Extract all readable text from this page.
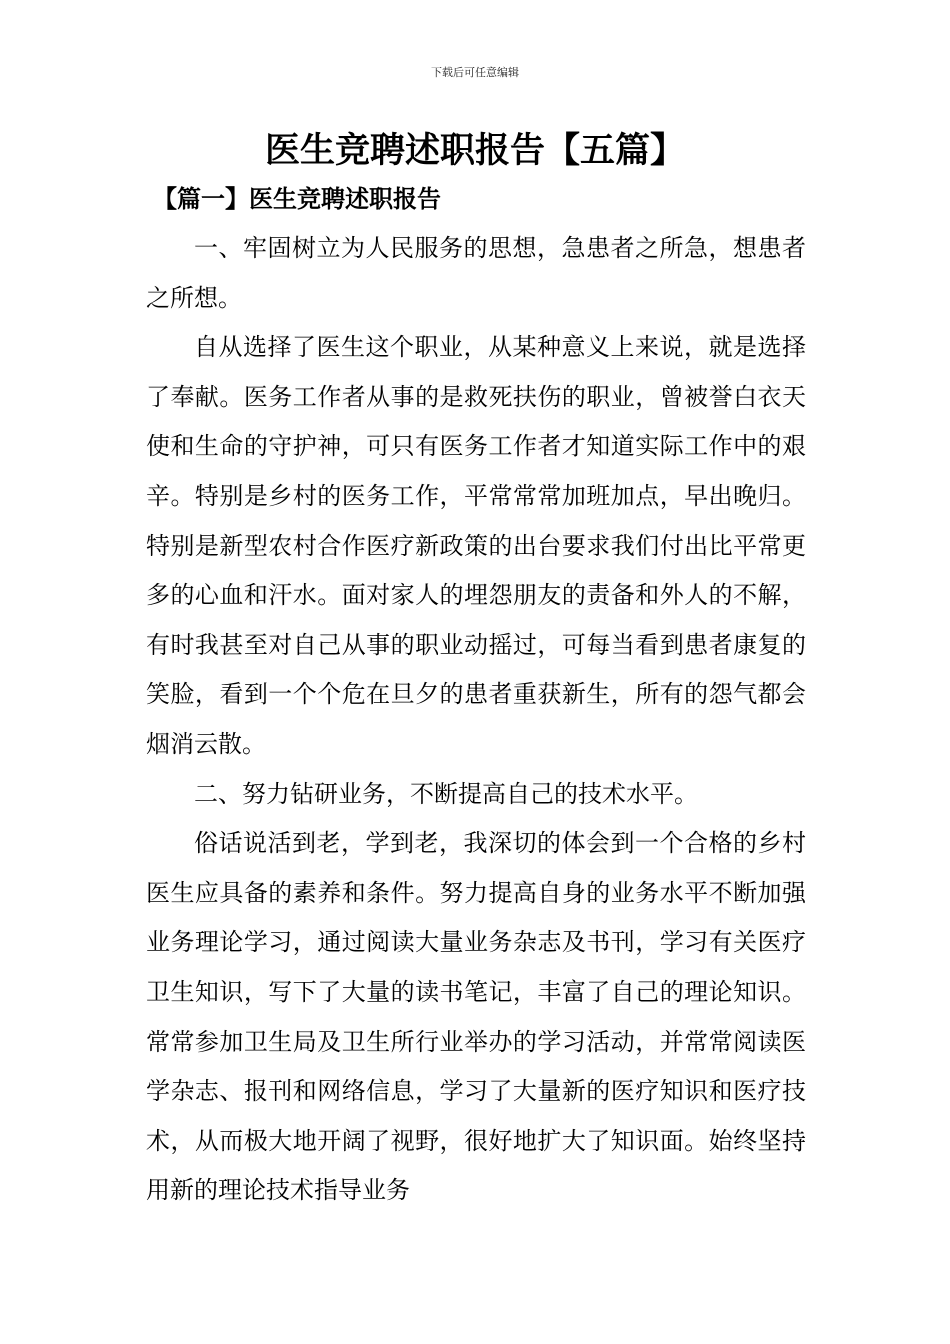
下载后可任意编辑
医生竞聘述职报告【五篇】
【篇一】医生竞聘述职报告

一、牢固树立为人民服务的思想，急患者之所急，想患者之所想。

自从选择了医生这个职业，从某种意义上来说，就是选择了奉献。医务工作者从事的是救死扶伤的职业，曾被誉白衣天使和生命的守护神，可只有医务工作者才知道实际工作中的艰辛。特别是乡村的医务工作，平常常常加班加点，早出晚归。特别是新型农村合作医疗新政策的出台要求我们付出比平常更多的心血和汗水。面对家人的埋怨朋友的责备和外人的不解，有时我甚至对自己从事的职业动摇过，可每当看到患者康复的笑脸，看到一个个危在旦夕的患者重获新生，所有的怨气都会烟消云散。

二、努力钻研业务，不断提高自己的技术水平。

俗话说活到老，学到老，我深切的体会到一个合格的乡村医生应具备的素养和条件。努力提高自身的业务水平不断加强业务理论学习，通过阅读大量业务杂志及书刊，学习有关医疗卫生知识，写下了大量的读书笔记，丰富了自己的理论知识。常常参加卫生局及卫生所行业举办的学习活动，并常常阅读医学杂志、报刊和网络信息，学习了大量新的医疗知识和医疗技术，从而极大地开阔了视野，很好地扩大了知识面。始终坚持用新的理论技术指导业务
